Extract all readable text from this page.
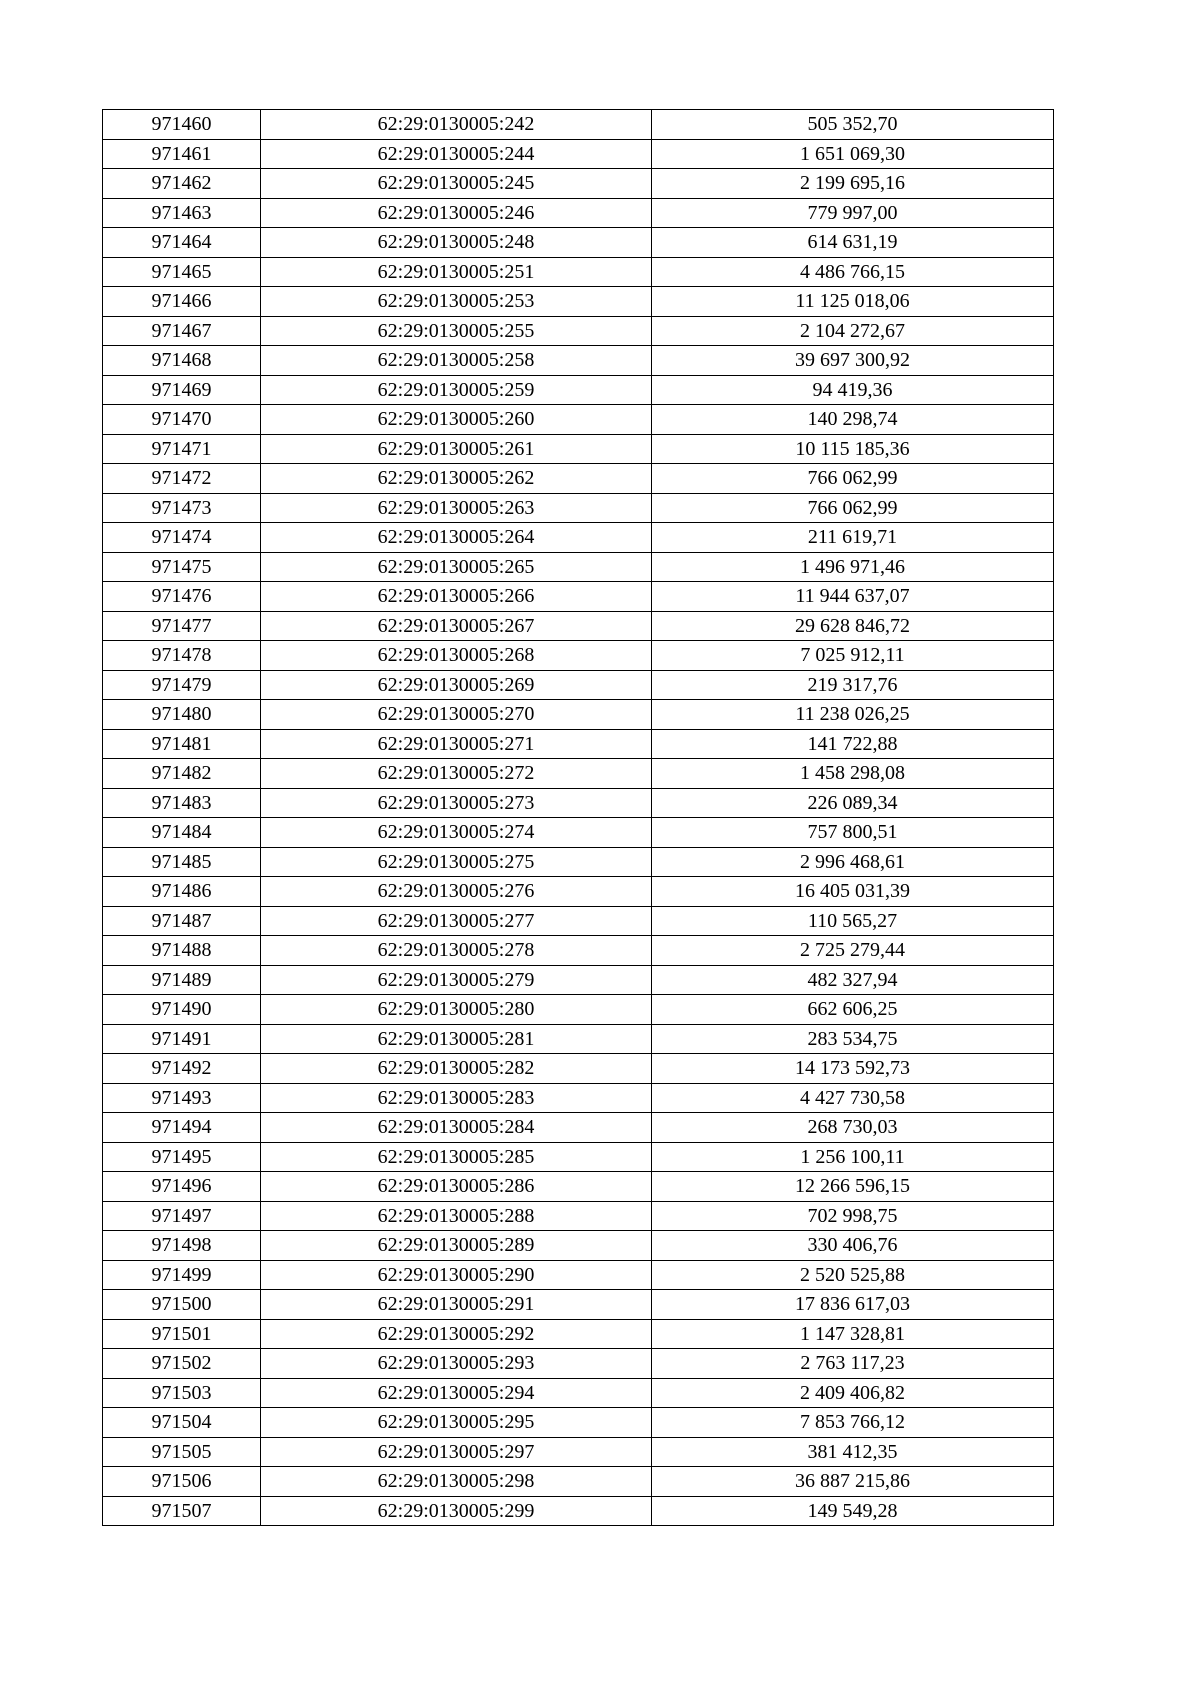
971460	62:29:0130005:242	505 352,70
971461	62:29:0130005:244	1 651 069,30
971462	62:29:0130005:245	2 199 695,16
971463	62:29:0130005:246	779 997,00
971464	62:29:0130005:248	614 631,19
971465	62:29:0130005:251	4 486 766,15
971466	62:29:0130005:253	11 125 018,06
971467	62:29:0130005:255	2 104 272,67
971468	62:29:0130005:258	39 697 300,92
971469	62:29:0130005:259	94 419,36
971470	62:29:0130005:260	140 298,74
971471	62:29:0130005:261	10 115 185,36
971472	62:29:0130005:262	766 062,99
971473	62:29:0130005:263	766 062,99
971474	62:29:0130005:264	211 619,71
971475	62:29:0130005:265	1 496 971,46
971476	62:29:0130005:266	11 944 637,07
971477	62:29:0130005:267	29 628 846,72
971478	62:29:0130005:268	7 025 912,11
971479	62:29:0130005:269	219 317,76
971480	62:29:0130005:270	11 238 026,25
971481	62:29:0130005:271	141 722,88
971482	62:29:0130005:272	1 458 298,08
971483	62:29:0130005:273	226 089,34
971484	62:29:0130005:274	757 800,51
971485	62:29:0130005:275	2 996 468,61
971486	62:29:0130005:276	16 405 031,39
971487	62:29:0130005:277	110 565,27
971488	62:29:0130005:278	2 725 279,44
971489	62:29:0130005:279	482 327,94
971490	62:29:0130005:280	662 606,25
971491	62:29:0130005:281	283 534,75
971492	62:29:0130005:282	14 173 592,73
971493	62:29:0130005:283	4 427 730,58
971494	62:29:0130005:284	268 730,03
971495	62:29:0130005:285	1 256 100,11
971496	62:29:0130005:286	12 266 596,15
971497	62:29:0130005:288	702 998,75
971498	62:29:0130005:289	330 406,76
971499	62:29:0130005:290	2 520 525,88
971500	62:29:0130005:291	17 836 617,03
971501	62:29:0130005:292	1 147 328,81
971502	62:29:0130005:293	2 763 117,23
971503	62:29:0130005:294	2 409 406,82
971504	62:29:0130005:295	7 853 766,12
971505	62:29:0130005:297	381 412,35
971506	62:29:0130005:298	36 887 215,86
971507	62:29:0130005:299	149 549,28
